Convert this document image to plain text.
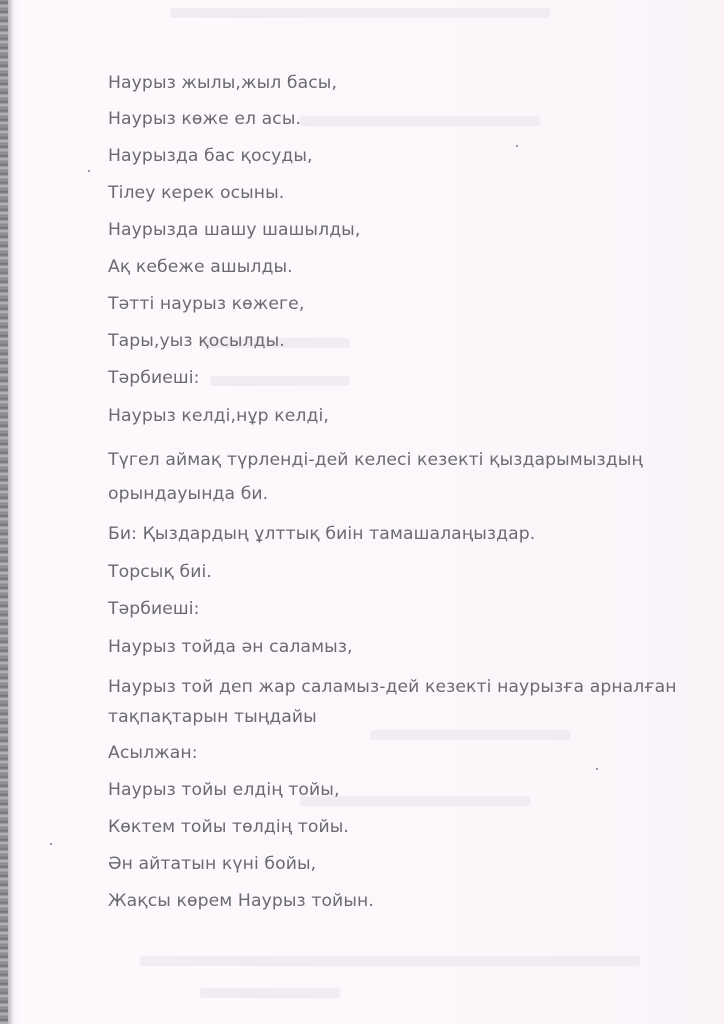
Наурыз жылы,жыл басы,
Наурыз көже ел асы.
Наурызда бас қосуды,
Тілеу керек осыны.
Наурызда шашу шашылды,
Ақ кебеже ашылды.
Тәтті наурыз көжеге,
Тары,уыз қосылды.
Тәрбиеші:
Наурыз келді,нұр келді,
Түгел аймақ түрленді-дей келесі кезекті қыздарымыздың орындауында би.
Би: Қыздардың ұлттық биін тамашалаңыздар.
Торсық биі.
Тәрбиеші:
Наурыз тойда ән саламыз,
Наурыз той деп жар саламыз-дей кезекті наурызға арналған тақпақтарын тыңдайы
Асылжан:
Наурыз тойы елдің тойы,
Көктем тойы төлдің тойы.
Ән айтатын күні бойы,
Жақсы көрем Наурыз тойын.
